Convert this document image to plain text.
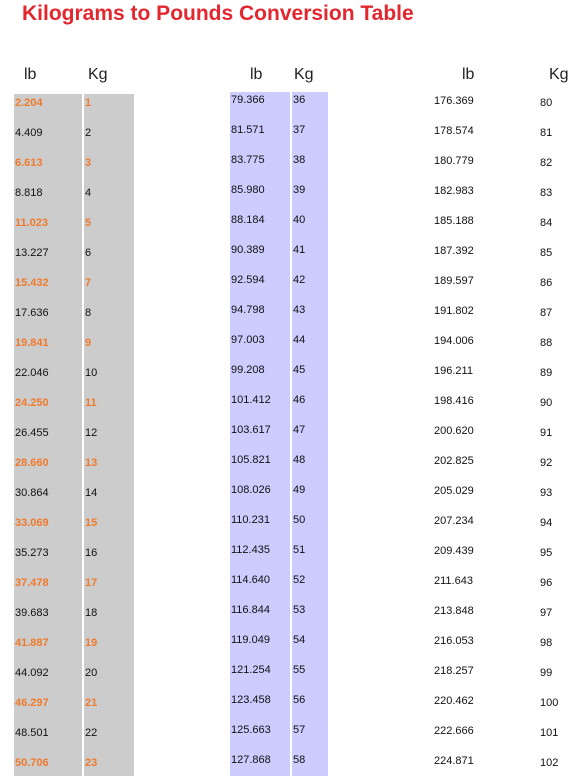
Kilograms to Pounds Conversion Table
lb	Kg	lb Kg	lb	Kg
2.204	1
4.409	2
6.613	3
8.818	4
11.023	5
13.227	6
15.432	7
17.636	8
19.841	9
22.046	10
24.250	11
26.455	12
28.660	13
30.864	14
33.069	15
35.273	16
37.478	17
39.683	18
41.887	19
44.092	20
46.297	21
48.501	22
50.706	23
79.366	36
81.571	37
83.775	38
85.980	39
88.184	40
90.389	41
92.594	42
94.798	43
97.003	44
99.208	45
101.412 46
103.617 47
105.821 48
108.026 49
110.231 50
112.435 51
114.640 52
116.844 53
119.049 54
121.254 55
123.458 56
125.663 57
127.868 58
176.369	80
178.574	81
180.779	82
182.983	83
185.188	84
187.392	85
189.597	86
191.802	87
194.006	88
196.211	89
198.416	90
200.620	91
202.825	92
205.029	93
207.234	94
209.439	95
211.643	96
213.848	97
216.053	98
218.257	99
220.462	100
222.666	101
224.871	102
